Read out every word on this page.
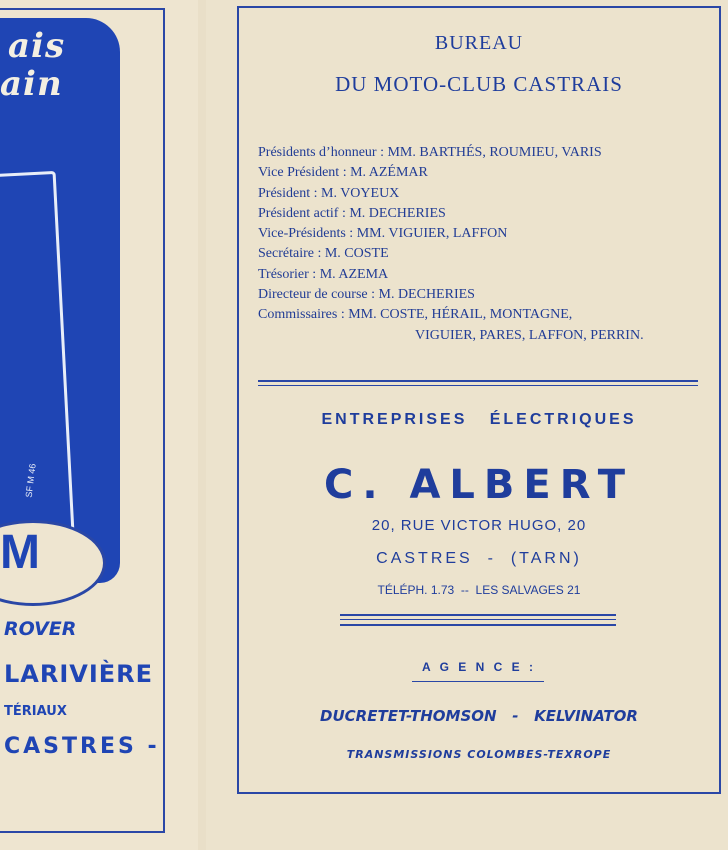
ais
ain
SF M 46
M
ROVER
LARIVIÈRE
TÉRIAUX
CASTRES -

BUREAU
DU MOTO-CLUB CASTRAIS
Présidents d’honneur : MM. BARTHÉS, ROUMIEU, VARIS
Vice Président : M. AZÉMAR
Président : M. VOYEUX
Président actif : M. DECHERIES
Vice-Présidents : MM. VIGUIER, LAFFON
Secrétaire : M. COSTE
Trésorier : M. AZEMA
Directeur de course : M. DECHERIES
Commissaires : MM. COSTE, HÉRAIL, MONTAGNE,
VIGUIER, PARES, LAFFON, PERRIN.
ENTREPRISES   ÉLECTRIQUES
C. ALBERT
20, RUE VICTOR HUGO, 20
CASTRES  -  (TARN)
TÉLÉPH. 1.73  --  LES SALVAGES 21
A G E N C E :
DUCRETET-THOMSON   -   KELVINATOR
TRANSMISSIONS COLOMBES-TEXROPE
